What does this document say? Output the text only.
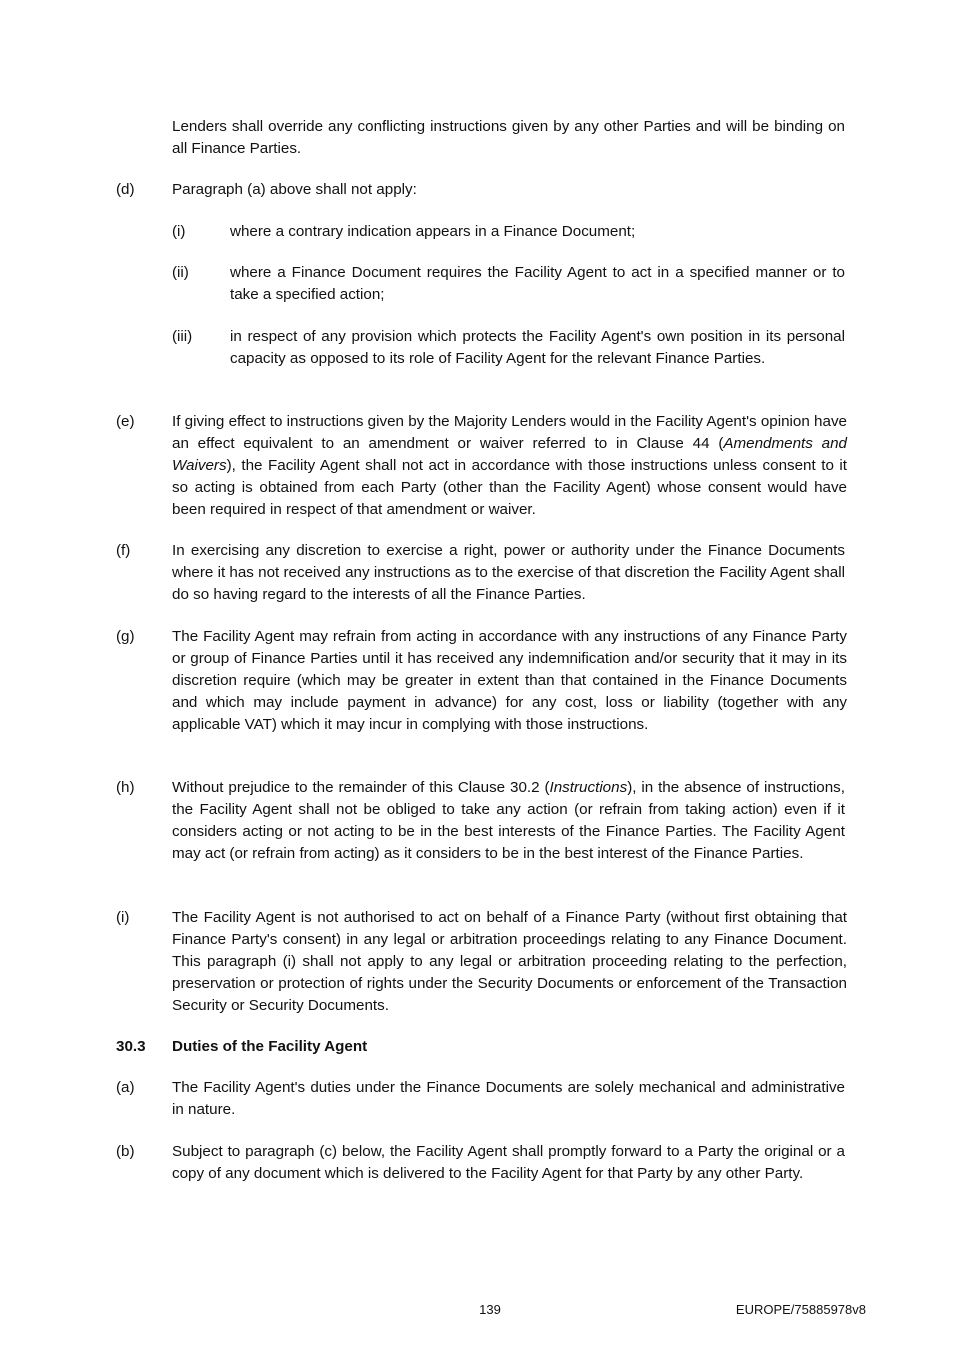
Lenders shall override any conflicting instructions given by any other Parties and will be binding on all Finance Parties.
(d) Paragraph (a) above shall not apply:
(i)	where a contrary indication appears in a Finance Document;
(ii)	where a Finance Document requires the Facility Agent to act in a specified manner or to take a specified action;
(iii) in respect of any provision which protects the Facility Agent's own position in its personal capacity as opposed to its role of Facility Agent for the relevant Finance Parties.
(e) If giving effect to instructions given by the Majority Lenders would in the Facility Agent's opinion have an effect equivalent to an amendment or waiver referred to in Clause 44 (Amendments and Waivers), the Facility Agent shall not act in accordance with those instructions unless consent to it so acting is obtained from each Party (other than the Facility Agent) whose consent would have been required in respect of that amendment or waiver.
(f)	In exercising any discretion to exercise a right, power or authority under the Finance Documents where it has not received any instructions as to the exercise of that discretion the Facility Agent shall do so having regard to the interests of all the Finance Parties.
(g) The Facility Agent may refrain from acting in accordance with any instructions of any Finance Party or group of Finance Parties until it has received any indemnification and/or security that it may in its discretion require (which may be greater in extent than that contained in the Finance Documents and which may include payment in advance) for any cost, loss or liability (together with any applicable VAT) which it may incur in complying with those instructions.
(h) Without prejudice to the remainder of this Clause 30.2 (Instructions), in the absence of instructions, the Facility Agent shall not be obliged to take any action (or refrain from taking action) even if it considers acting or not acting to be in the best interests of the Finance Parties. The Facility Agent may act (or refrain from acting) as it considers to be in the best interest of the Finance Parties.
(i)	The Facility Agent is not authorised to act on behalf of a Finance Party (without first obtaining that Finance Party's consent) in any legal or arbitration proceedings relating to any Finance Document. This paragraph (i) shall not apply to any legal or arbitration proceeding relating to the perfection, preservation or protection of rights under the Security Documents or enforcement of the Transaction Security or Security Documents.
30.3 Duties of the Facility Agent
(a) The Facility Agent's duties under the Finance Documents are solely mechanical and administrative in nature.
(b) Subject to paragraph (c) below, the Facility Agent shall promptly forward to a Party the original or a copy of any document which is delivered to the Facility Agent for that Party by any other Party.
139	EUROPE/75885978v8
